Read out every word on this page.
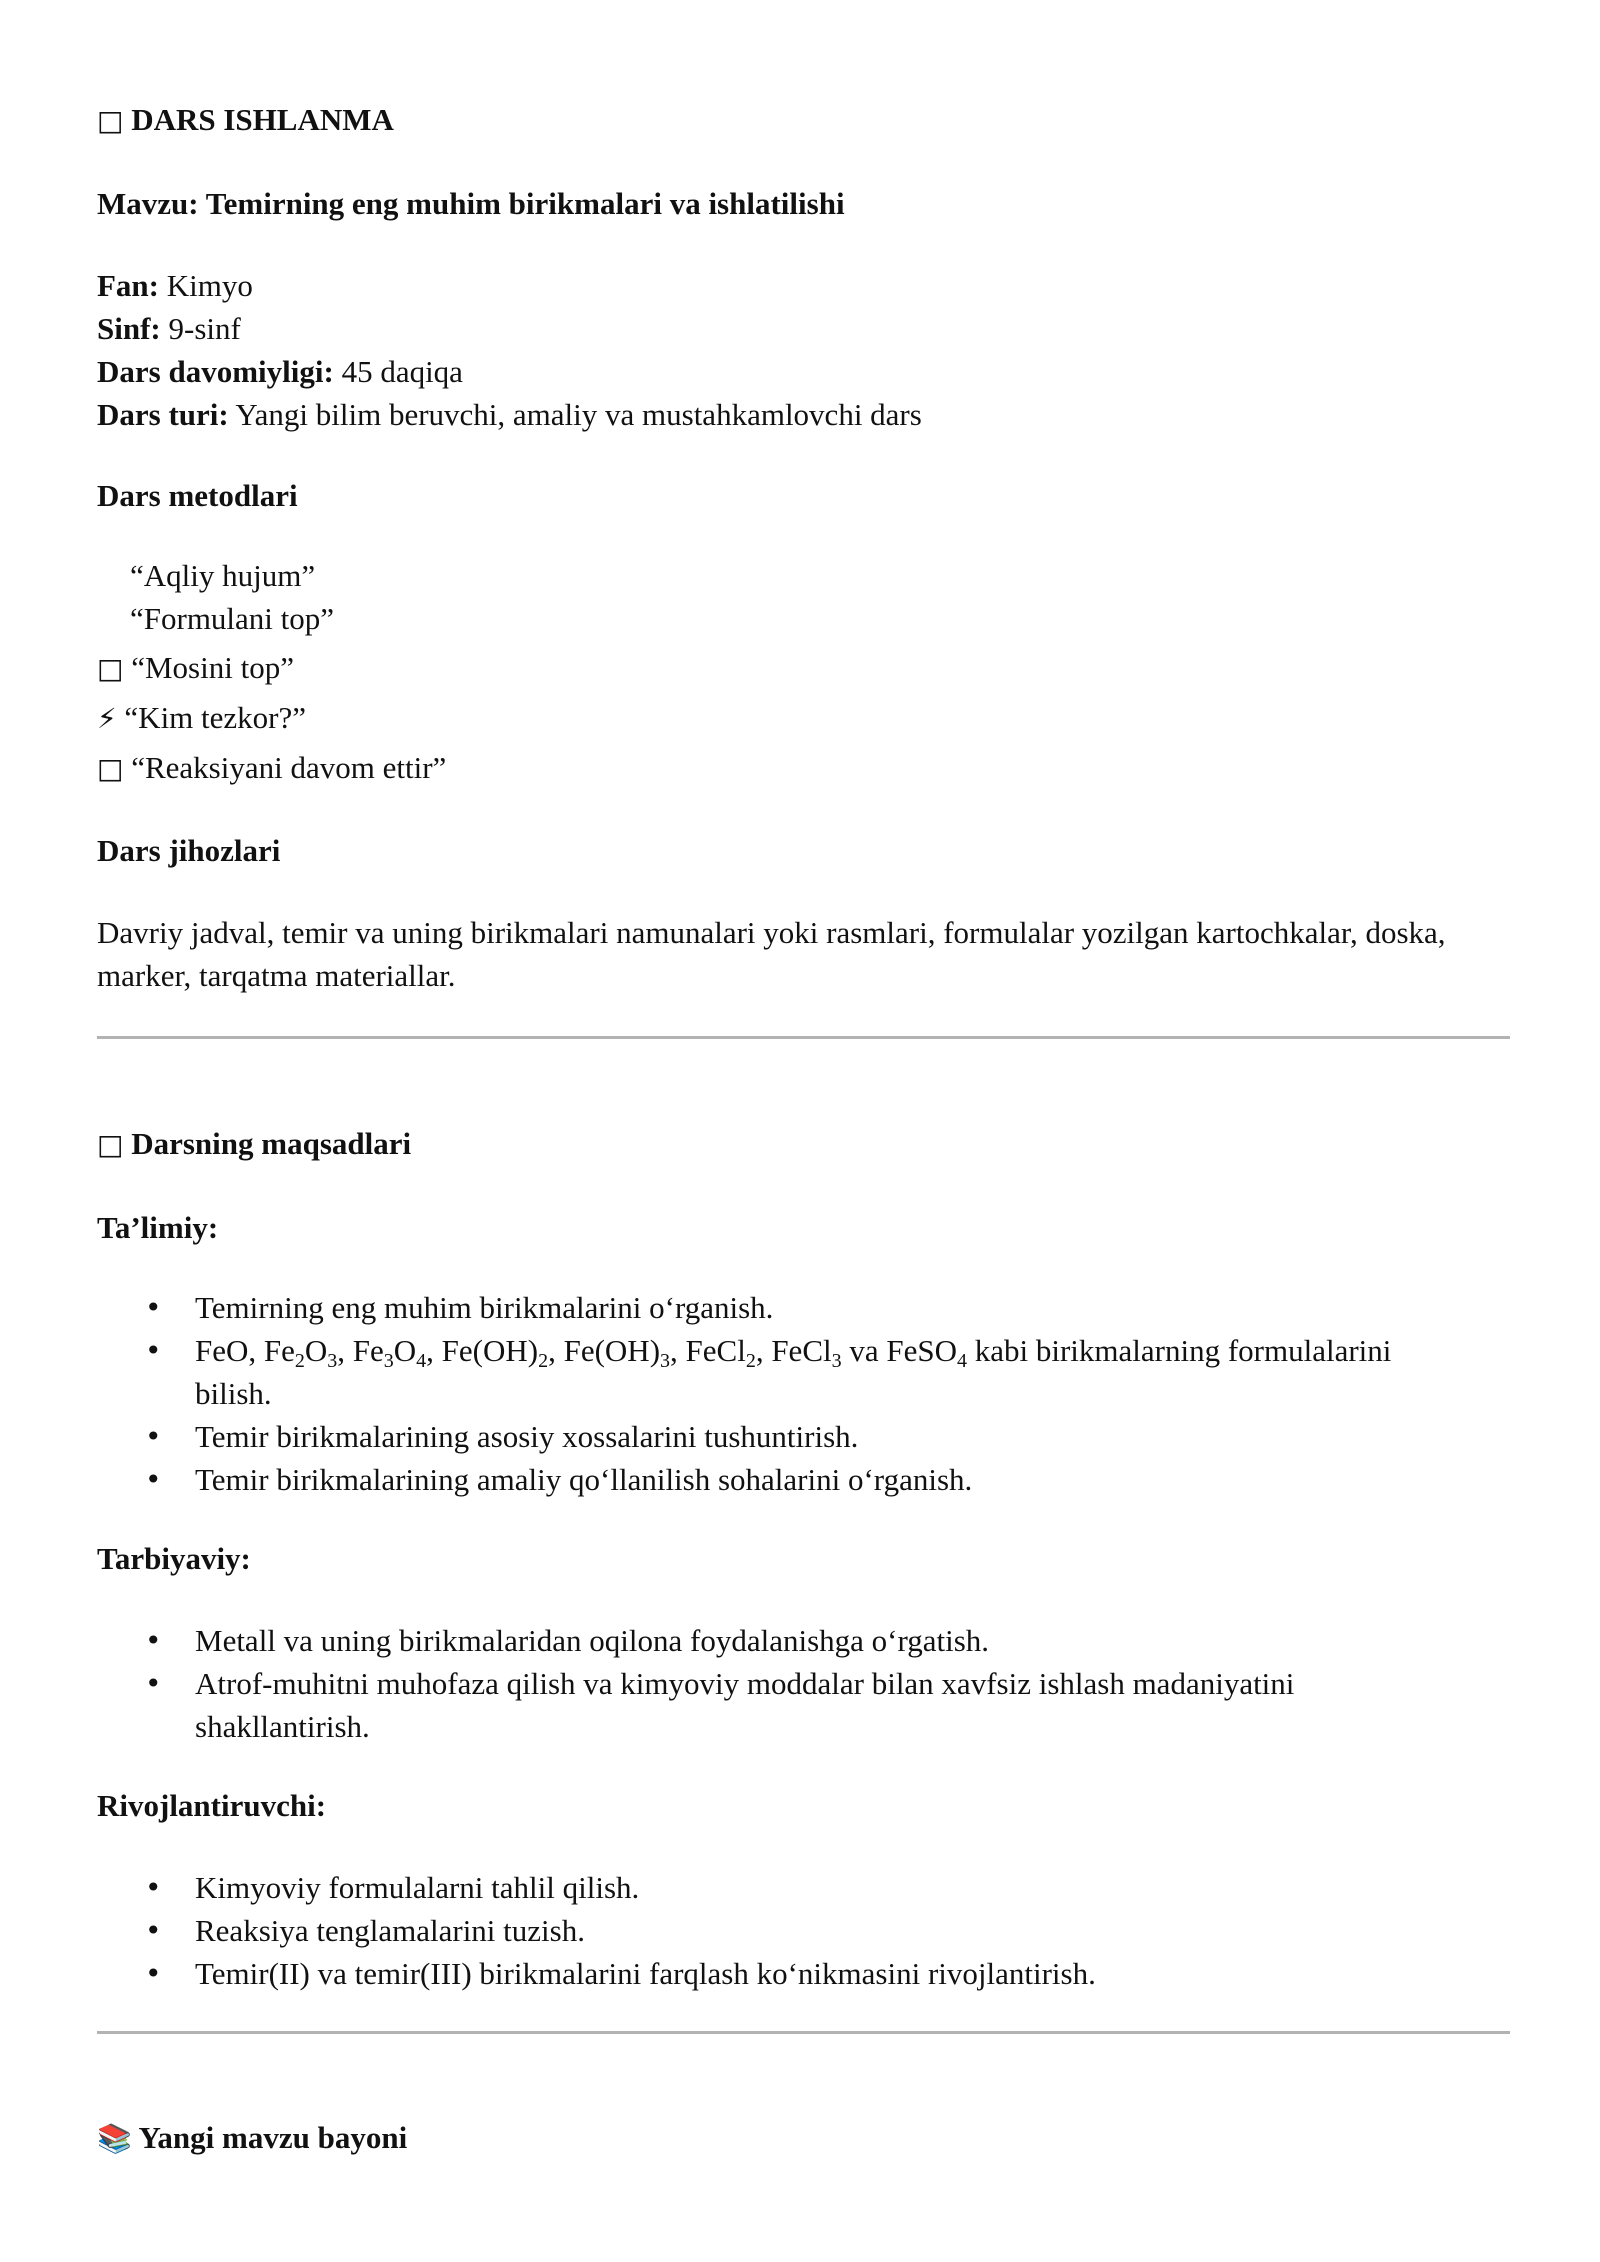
□ DARS ISHLANMA
Mavzu: Temirning eng muhim birikmalari va ishlatilishi
Fan: Kimyo
Sinf: 9-sinf
Dars davomiyligi: 45 daqiqa
Dars turi: Yangi bilim beruvchi, amaliy va mustahkamlovchi dars
Dars metodlari
“Aqliy hujum”
“Formulani top”
□ “Mosini top”
⚡ “Kim tezkor?”
□ “Reaksiyani davom ettir”
Dars jihozlari
Davriy jadval, temir va uning birikmalari namunalari yoki rasmlari, formulalar yozilgan kartochkalar, doska, marker, tarqatma materiallar.
□ Darsning maqsadlari
Ta’limiy:
• Temirning eng muhim birikmalarini o‘rganish.
• FeO, $Fe_2O_3$, $Fe_3O_4$, $Fe(OH)_2$, $Fe(OH)_3$, FeCl$_2$, FeCl$_3$ va FeSO$_4$ kabi birikmalarning formulalarini
bilish.
• Temir birikmalarining asosiy xossalarini tushuntirish.
• Temir birikmalarining amaliy qo‘llanilish sohalarini o‘rganish.
Tarbiyaviy:
• Metall va uning birikmalaridan oqilona foydalanishga o‘rgatish.
• Atrof-muhitni muhofaza qilish va kimyoviy moddalar bilan xavfsiz ishlash madaniyatini
shakllantirish.
Rivojlantiruvchi:
• Kimyoviy formulalarni tahlil qilish.
• Reaksiya tenglamalarini tuzish.
• Temir(II) va temir(III) birikmalarini farqlash ko‘nikmasini rivojlantirish.
📚 Yangi mavzu bayoni
